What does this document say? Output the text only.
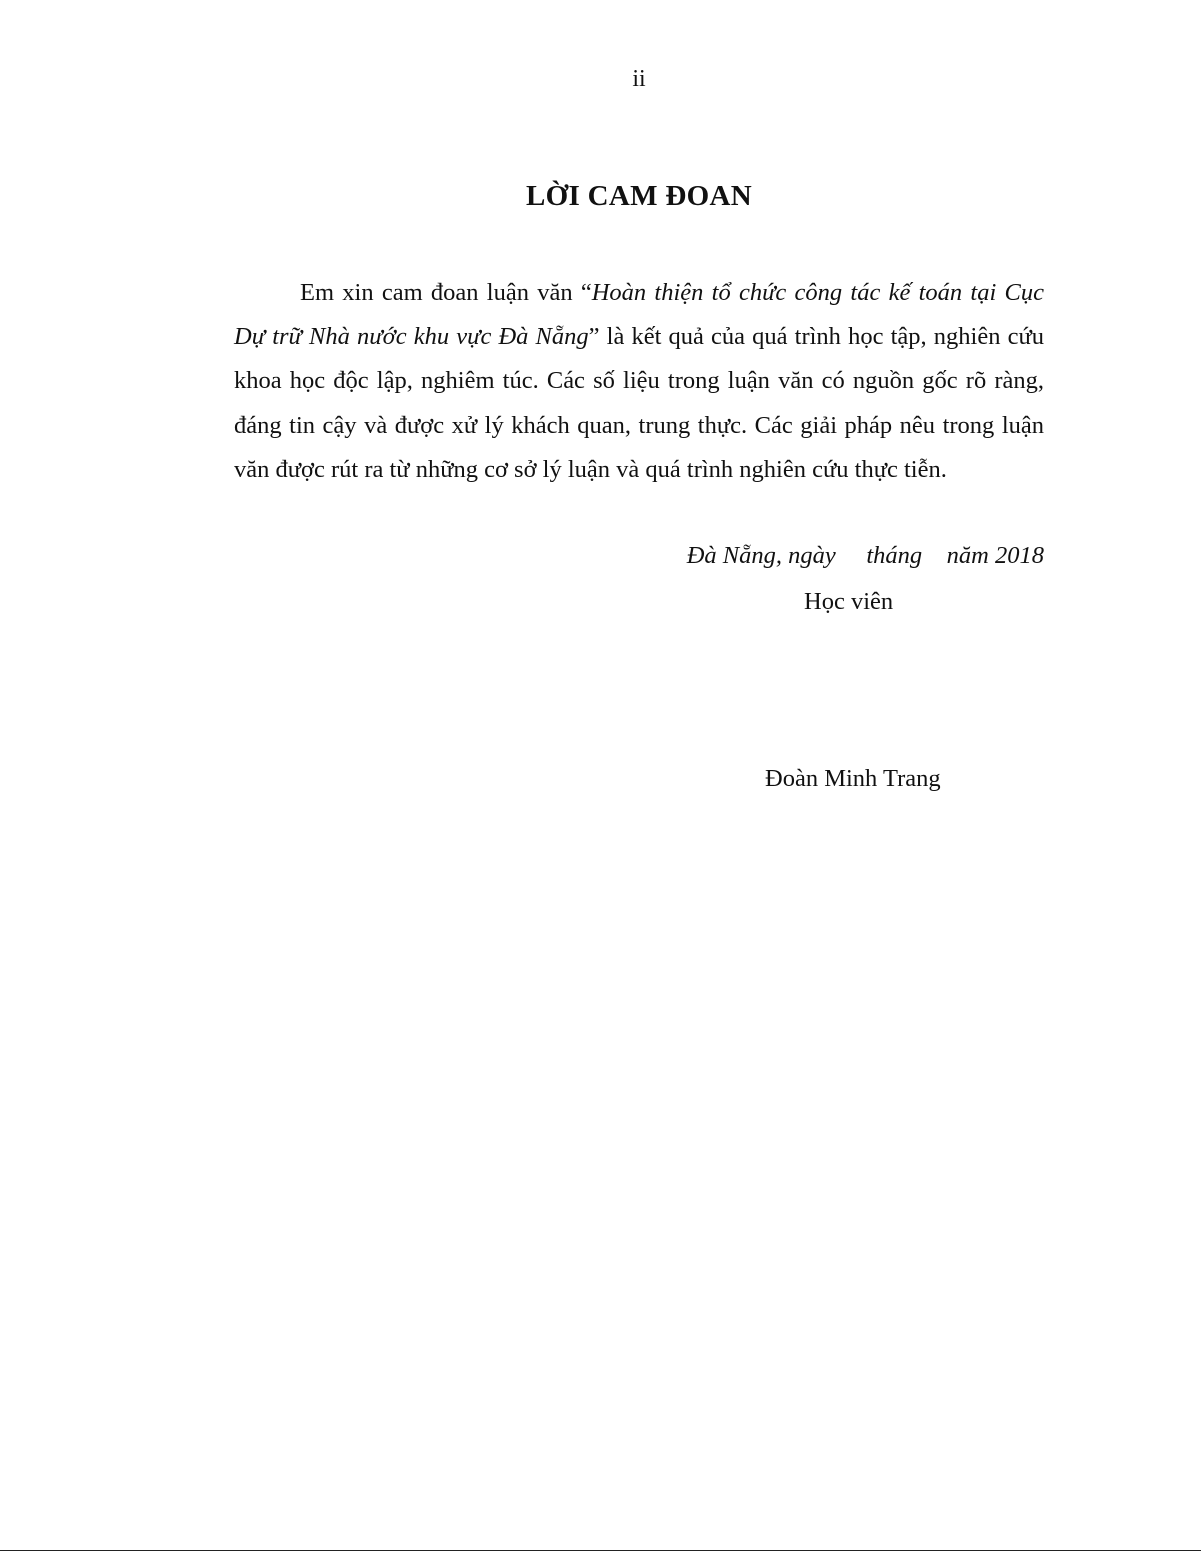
ii
LỜI CAM ĐOAN

Em xin cam đoan luận văn “Hoàn thiện tổ chức công tác kế toán tại Cục Dự trữ Nhà nước khu vực Đà Nẵng” là kết quả của quá trình học tập, nghiên cứu khoa học độc lập, nghiêm túc. Các số liệu trong luận văn có nguồn gốc rõ ràng, đáng tin cậy và được xử lý khách quan, trung thực. Các giải pháp nêu trong luận văn được rút ra từ những cơ sở lý luận và quá trình nghiên cứu thực tiễn.

Đà Nẵng, ngày     tháng    năm 2018
Học viên
Đoàn Minh Trang
